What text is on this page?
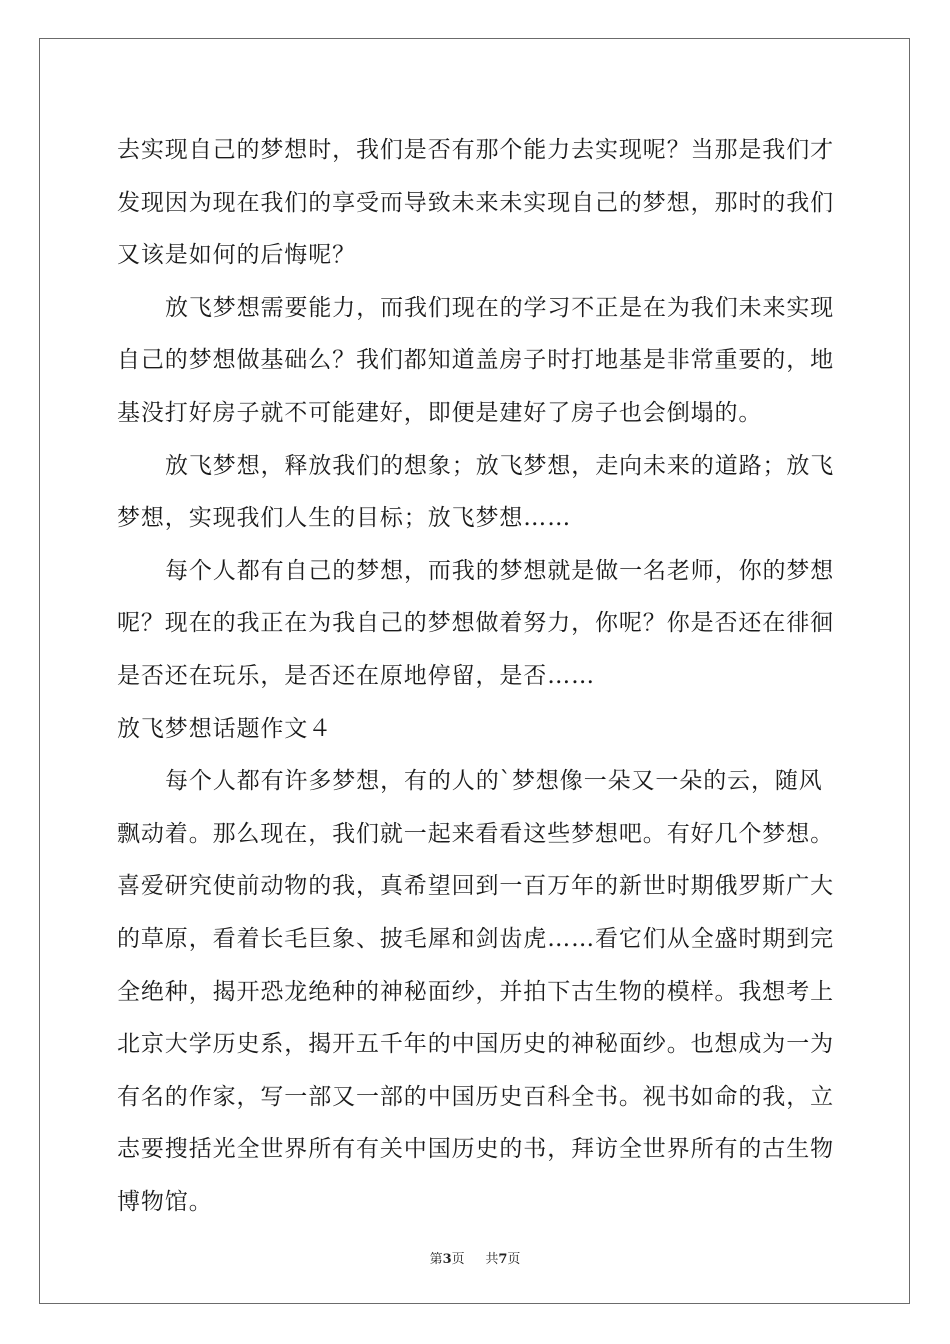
去实现自己的梦想时，我们是否有那个能力去实现呢？当那是我们才
发现因为现在我们的享受而导致未来未实现自己的梦想，那时的我们
又该是如何的后悔呢？
放飞梦想需要能力，而我们现在的学习不正是在为我们未来实现
自己的梦想做基础么？我们都知道盖房子时打地基是非常重要的，地
基没打好房子就不可能建好，即便是建好了房子也会倒塌的。
放飞梦想，释放我们的想象；放飞梦想，走向未来的道路；放飞
梦想，实现我们人生的目标；放飞梦想……
每个人都有自己的梦想，而我的梦想就是做一名老师，你的梦想
呢？现在的我正在为我自己的梦想做着努力，你呢？你是否还在徘徊
是否还在玩乐，是否还在原地停留，是否……
放飞梦想话题作文４
每个人都有许多梦想，有的人的`梦想像一朵又一朵的云，随风
飘动着。那么现在，我们就一起来看看这些梦想吧。有好几个梦想。
喜爱研究使前动物的我，真希望回到一百万年的新世时期俄罗斯广大
的草原，看着长毛巨象、披毛犀和剑齿虎……看它们从全盛时期到完
全绝种，揭开恐龙绝种的神秘面纱，并拍下古生物的模样。我想考上
北京大学历史系，揭开五千年的中国历史的神秘面纱。也想成为一为
有名的作家，写一部又一部的中国历史百科全书。视书如命的我，立
志要搜括光全世界所有有关中国历史的书，拜访全世界所有的古生物
博物馆。
第3页 共7页
